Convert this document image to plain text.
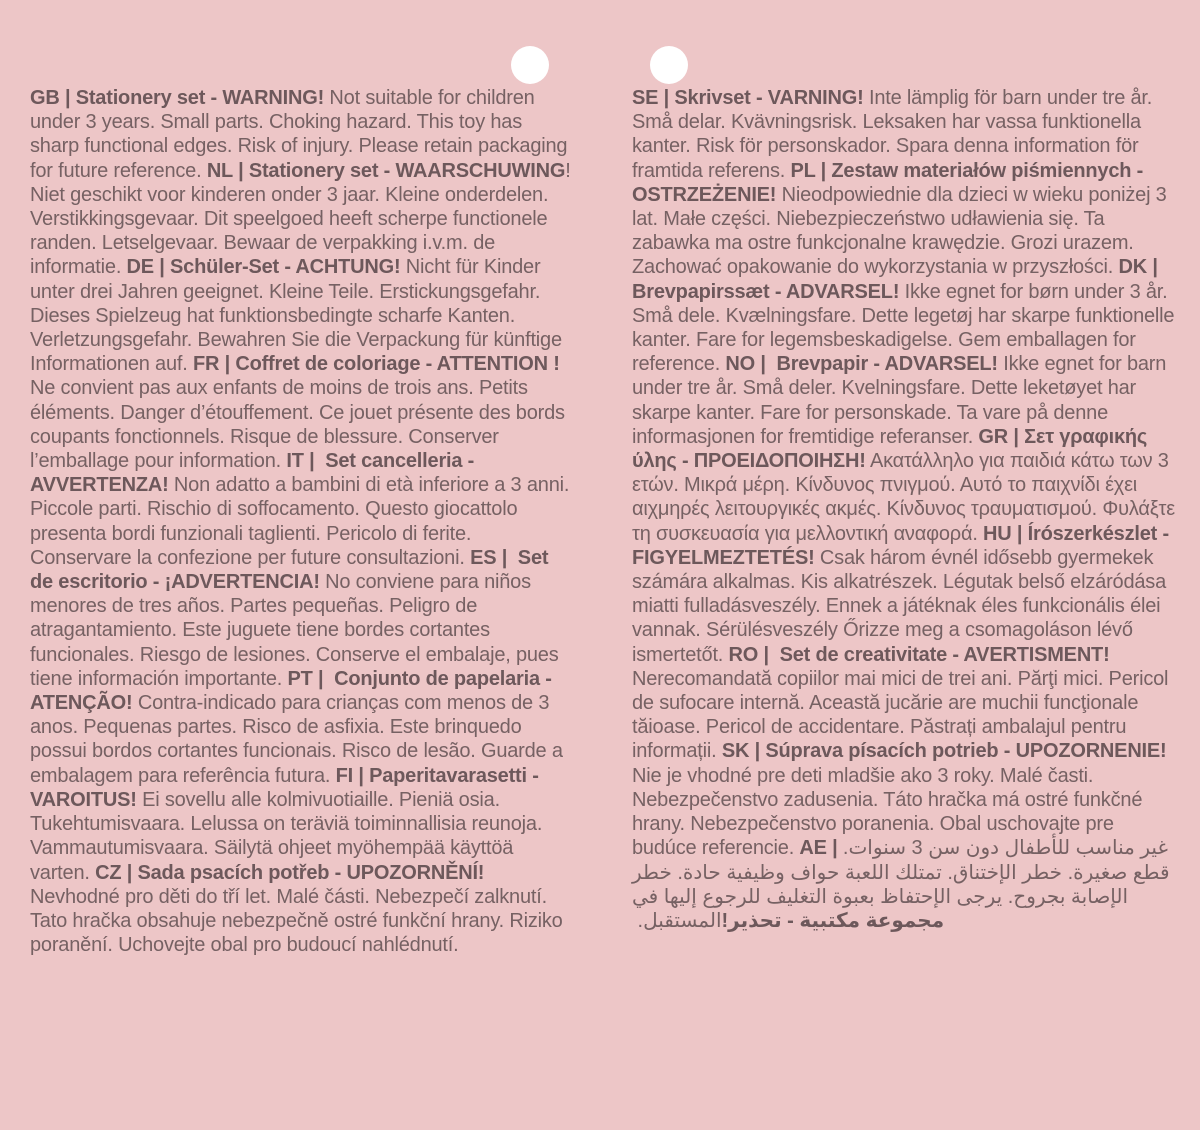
GB | Stationery set - WARNING! Not suitable for children under 3 years. Small parts. Choking hazard. This toy has sharp functional edges. Risk of injury. Please retain packaging for future reference. NL | Stationery set - WAARSCHUWING! Niet geschikt voor kinderen onder 3 jaar. Kleine onderdelen. Verstikkingsgevaar. Dit speelgoed heeft scherpe functionele randen. Letselgevaar. Bewaar de verpakking i.v.m. de informatie. DE | Schüler-Set - ACHTUNG! Nicht für Kinder unter drei Jahren geeignet. Kleine Teile. Erstickungsgefahr. Dieses Spielzeug hat funktionsbedingte scharfe Kanten. Verletzungsgefahr. Bewahren Sie die Verpackung für künftige Informationen auf. FR | Coffret de coloriage - ATTENTION ! Ne convient pas aux enfants de moins de trois ans. Petits éléments. Danger d’étouffement. Ce jouet présente des bords coupants fonctionnels. Risque de blessure. Conserver l’emballage pour information. IT |  Set cancelleria - AVVERTENZA! Non adatto a bambini di età inferiore a 3 anni. Piccole parti. Rischio di soffocamento. Questo giocattolo presenta bordi funzionali taglienti. Pericolo di ferite. Conservare la confezione per future consultazioni. ES |  Set de escritorio - ¡ADVERTENCIA! No conviene para niños menores de tres años. Partes pequeñas. Peligro de atragantamiento. Este juguete tiene bordes cortantes funcionales. Riesgo de lesiones. Conserve el embalaje, pues tiene información importante. PT |  Conjunto de papelaria - ATENÇÃO! Contra-indicado para crianças com menos de 3 anos. Pequenas partes. Risco de asfixia. Este brinquedo possui bordos cortantes funcionais. Risco de lesão. Guarde a embalagem para referência futura. FI | Paperitavarasetti - VAROITUS! Ei sovellu alle kolmivuotiaille. Pieniä osia. Tukehtumisvaara. Lelussa on teräviä toiminnallisia reunoja. Vammautumisvaara. Säilytä ohjeet myöhempää käyttöä varten. CZ | Sada psacích potřeb - UPOZORNĚNÍ! Nevhodné pro děti do tří let. Malé části. Nebezpečí zalknutí. Tato hračka obsahuje nebezpečně ostré funkční hrany. Riziko poranění. Uchovejte obal pro budoucí nahlédnutí.

SE | Skrivset - VARNING! Inte lämplig för barn under tre år. Små delar. Kvävningsrisk. Leksaken har vassa funktionella kanter. Risk för personskador. Spara denna information för framtida referens. PL | Zestaw materiałów piśmiennych - OSTRZEŻENIE! Nieodpowiednie dla dzieci w wieku poniżej 3 lat. Małe części. Niebezpieczeństwo udławienia się. Ta zabawka ma ostre funkcjonalne krawędzie. Grozi urazem. Zachować opakowanie do wykorzystania w przyszłości. DK |  Brevpapirssæt - ADVARSEL! Ikke egnet for børn under 3 år. Små dele. Kvælningsfare. Dette legetøj har skarpe funktionelle kanter. Fare for legemsbeskadigelse. Gem emballagen for reference. NO |  Brevpapir - ADVARSEL! Ikke egnet for barn under tre år. Små deler. Kvelningsfare. Dette leketøyet har skarpe kanter. Fare for personskade. Ta vare på denne informasjonen for fremtidige referanser. GR | Σετ γραφικής ύλης - ΠΡΟΕΙΔΟΠΟΙΗΣΗ! Ακατάλληλο για παιδιά κάτω των 3 ετών. Μικρά μέρη. Κίνδυνος πνιγμού. Αυτό το παιχνίδι έχει αιχμηρές λειτουργικές ακμές. Κίνδυνος τραυματισμού. Φυλάξτε τη συσκευασία για μελλοντική αναφορά. HU | Írószerkészlet - FIGYELMEZTETÉS! Csak három évnél idősebb gyermekek számára alkalmas. Kis alkatrészek. Légutak belső elzáródása miatti fulladásveszély. Ennek a játéknak éles funkcionális élei vannak. Sérülésveszély Őrizze meg a csomagoláson lévő ismertetőt. RO |  Set de creativitate - AVERTISMENT! Nerecomandată copiilor mai mici de trei ani. Părţi mici. Pericol de sufocare internă. Această jucărie are muchii funcţionale tăioase. Pericol de accidentare. Păstrați ambalajul pentru informații. SK | Súprava písacích potrieb - UPOZORNENIE! Nie je vhodné pre deti mladšie ako 3 roky. Malé časti. Nebezpečenstvo zadusenia. Táto hračka má ostré funkčné hrany. Nebezpečenstvo poranenia. Obal uschovajte pre budúce referencie. AE | غير مناسب للأطفال دون سن 3 سنوات. قطع صغيرة. خطر الإختناق. تمتلك اللعبة حواف وظيفية حادة. خطر الإصابة بجروح. يرجى الإحتفاظ بعبوة التغليف للرجوع إليها في المستقبل. مجموعة مكتبية - تحذير!
